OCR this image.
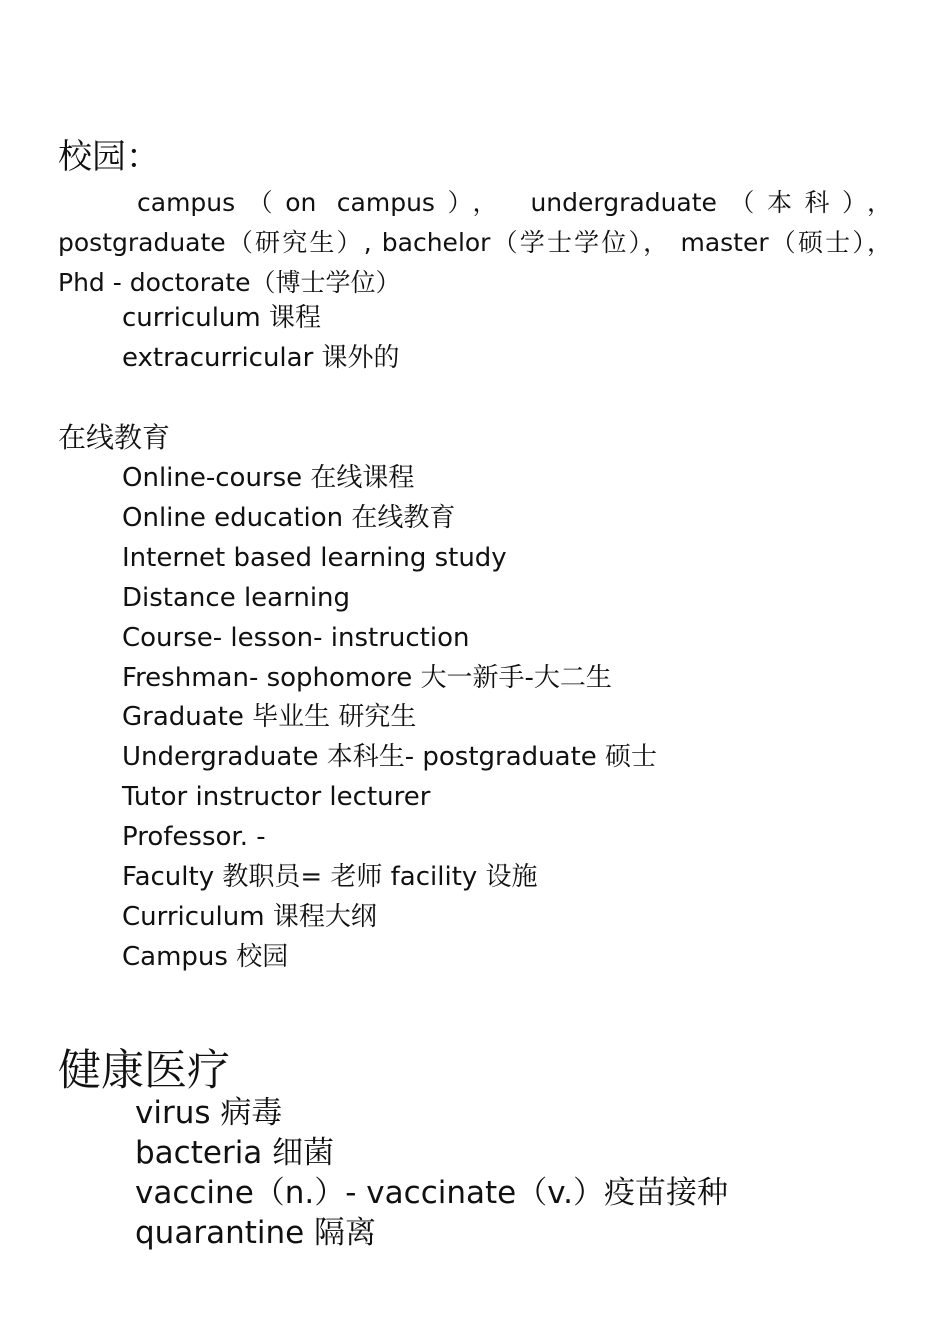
校园：
campus（on campus）， undergraduate（本科）， postgraduate（研究生）, bachelor（学士学位）， master（硕士）， Phd - doctorate（博士学位）
curriculum 课程
extracurricular 课外的
在线教育
Online-course 在线课程
Online education 在线教育
Internet based learning study
Distance learning
Course- lesson- instruction
Freshman- sophomore 大一新手-大二生
Graduate 毕业生 研究生
Undergraduate 本科生- postgraduate 硕士
Tutor instructor lecturer
Professor. -
Faculty 教职员= 老师 facility 设施
Curriculum 课程大纲
Campus 校园
健康医疗
virus 病毒
bacteria 细菌
vaccine（n.）- vaccinate（v.）疫苗接种
quarantine 隔离
